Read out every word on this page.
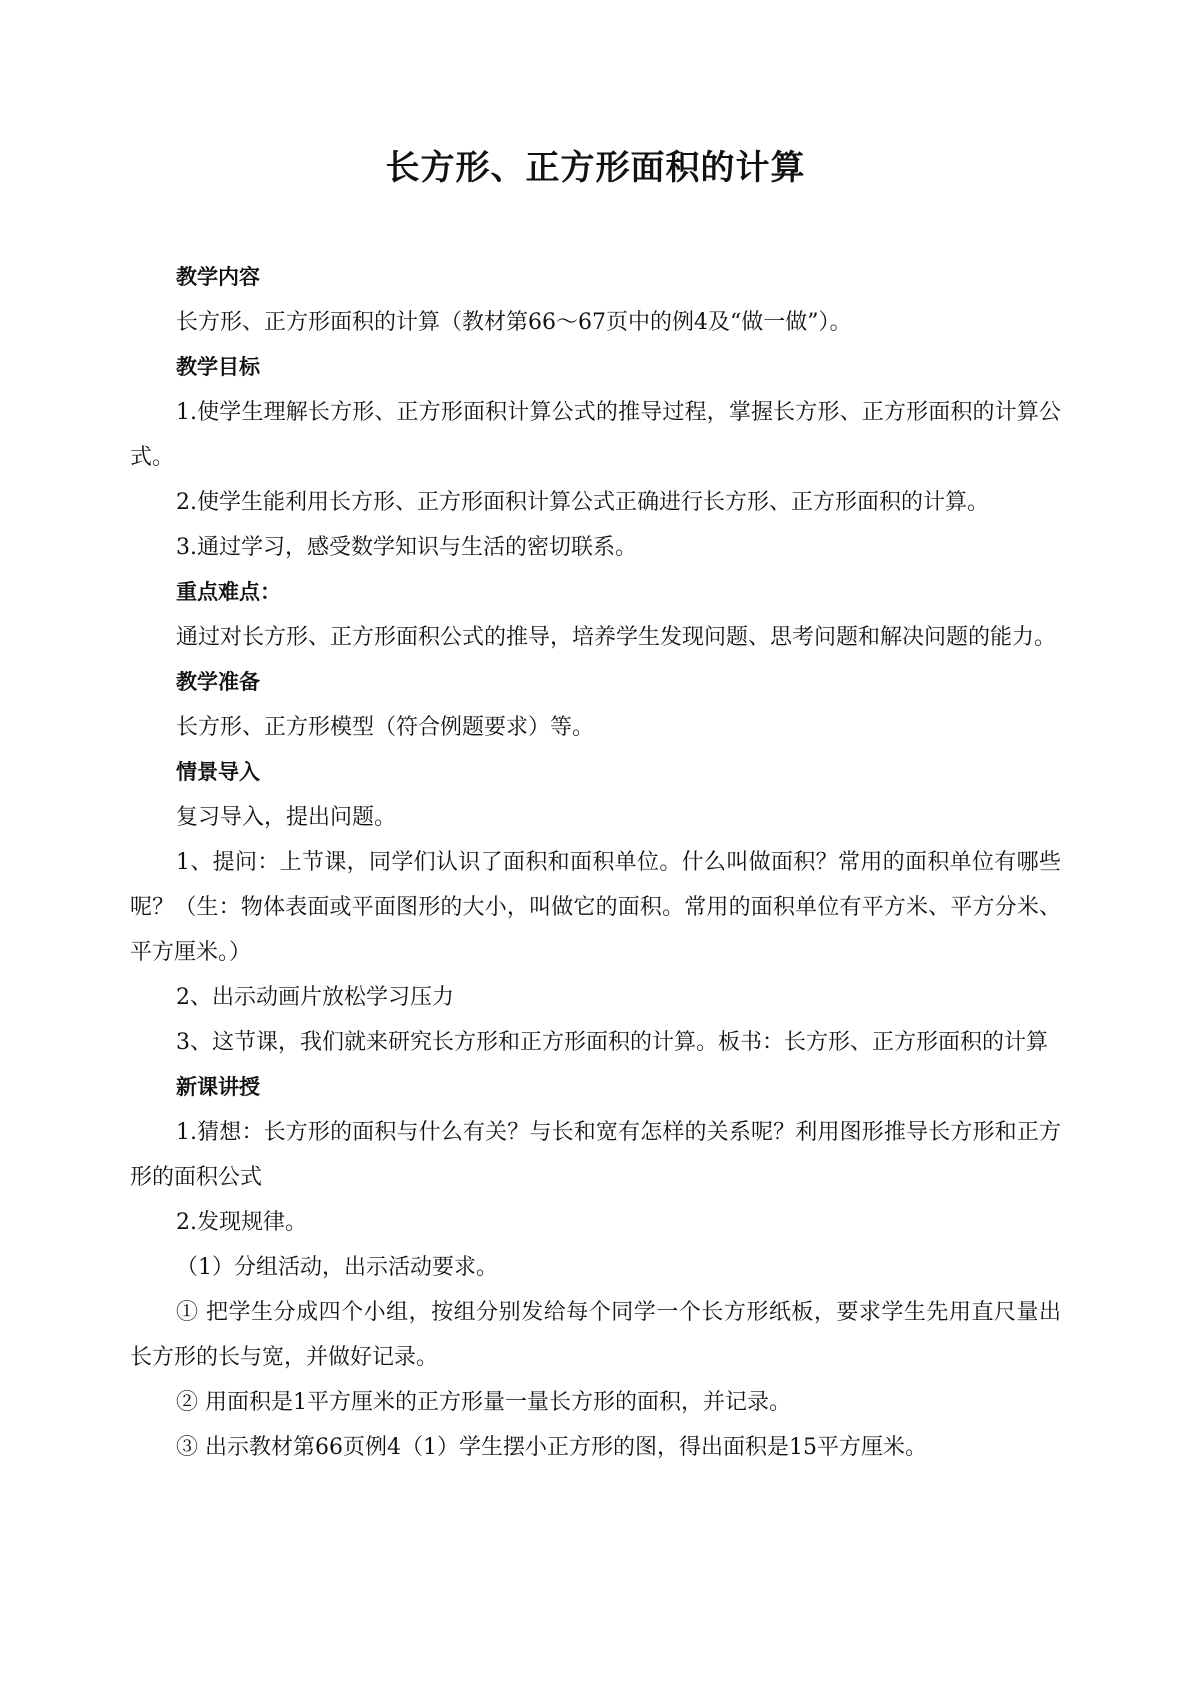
长方形、正方形面积的计算

教学内容

长方形、正方形面积的计算（教材第66～67页中的例4及“做一做”）。

教学目标

1.使学生理解长方形、正方形面积计算公式的推导过程，掌握长方形、正方形面积的计算公式。

2.使学生能利用长方形、正方形面积计算公式正确进行长方形、正方形面积的计算。

3.通过学习，感受数学知识与生活的密切联系。

重点难点：

通过对长方形、正方形面积公式的推导，培养学生发现问题、思考问题和解决问题的能力。

教学准备

长方形、正方形模型（符合例题要求）等。

情景导入

复习导入，提出问题。

1、提问：上节课，同学们认识了面积和面积单位。什么叫做面积？常用的面积单位有哪些呢？（生：物体表面或平面图形的大小，叫做它的面积。常用的面积单位有平方米、平方分米、平方厘米。）

2、出示动画片放松学习压力

3、这节课，我们就来研究长方形和正方形面积的计算。板书：长方形、正方形面积的计算

新课讲授

1.猜想：长方形的面积与什么有关？与长和宽有怎样的关系呢？利用图形推导长方形和正方形的面积公式

2.发现规律。

（1）分组活动，出示活动要求。

① 把学生分成四个小组，按组分别发给每个同学一个长方形纸板，要求学生先用直尺量出长方形的长与宽，并做好记录。

② 用面积是1平方厘米的正方形量一量长方形的面积，并记录。

③ 出示教材第66页例4（1）学生摆小正方形的图，得出面积是15平方厘米。
